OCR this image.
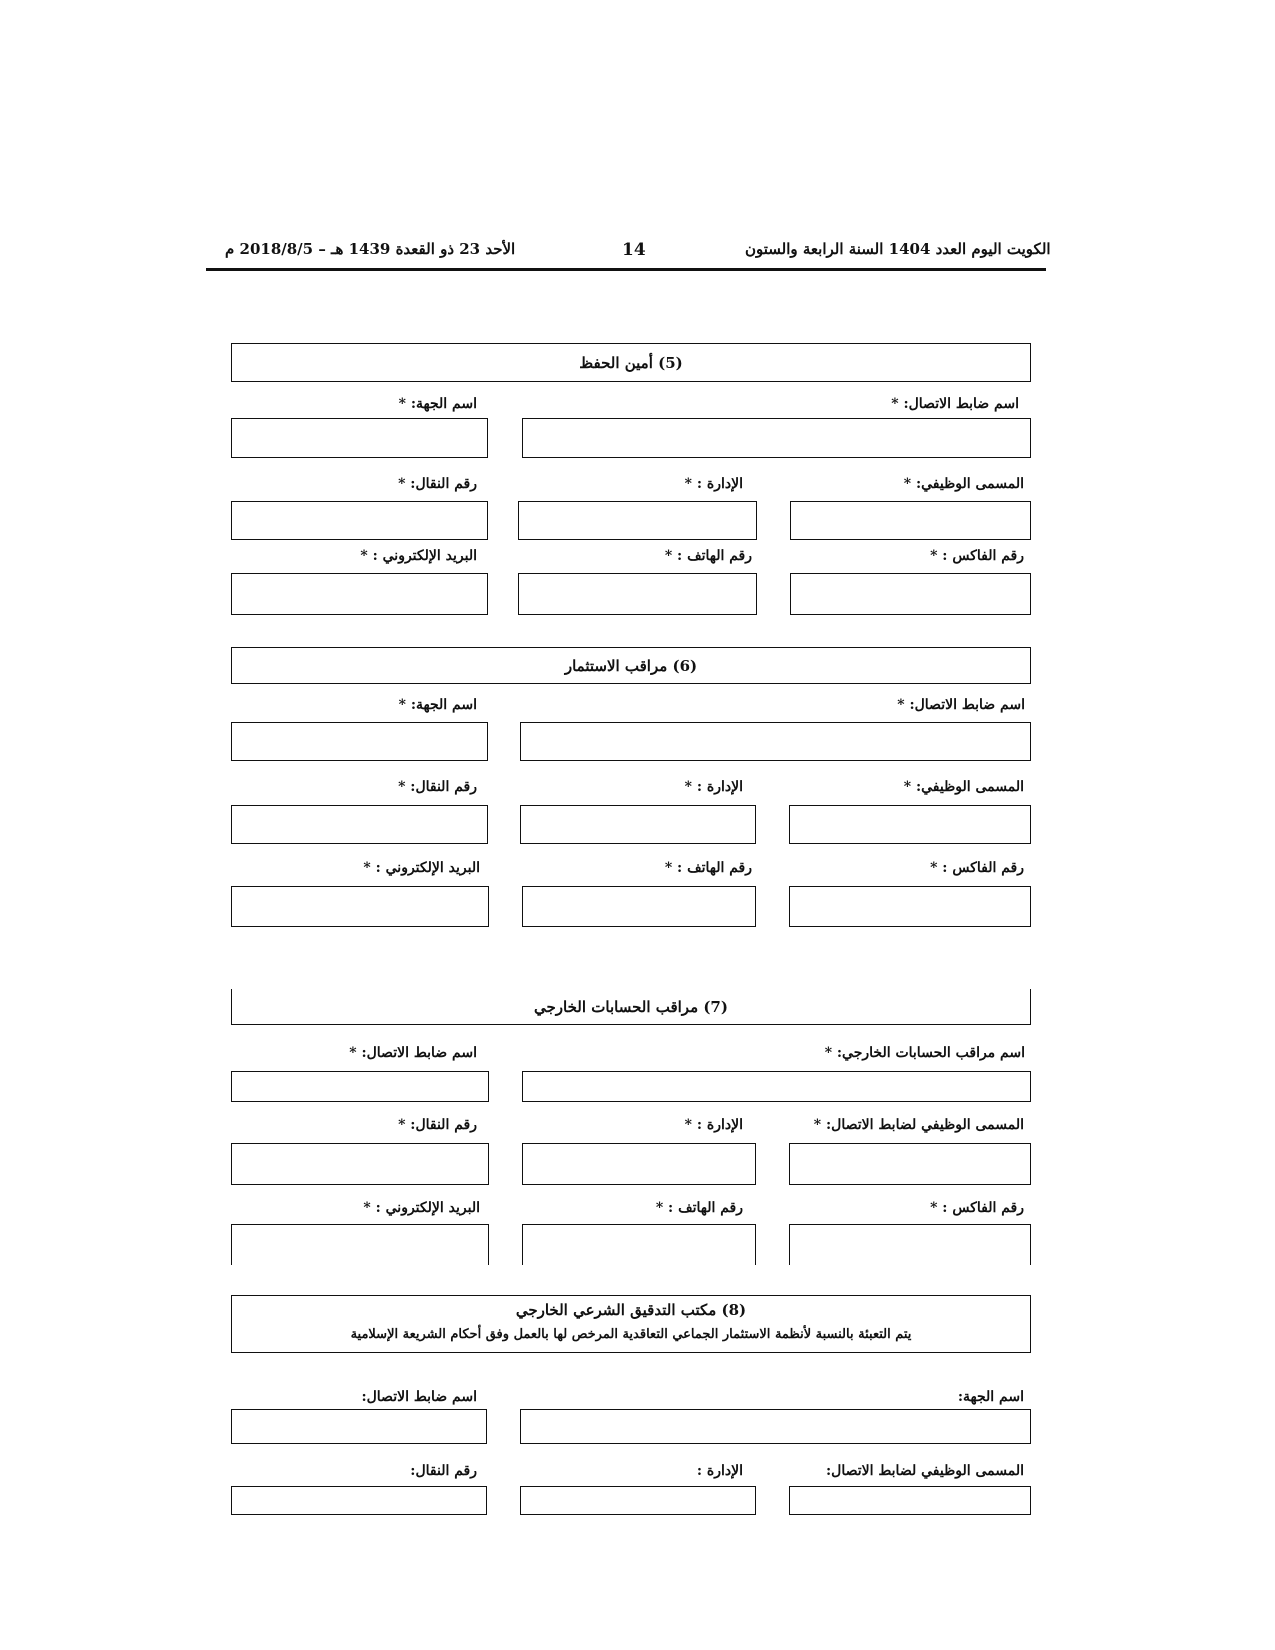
الكويت اليوم العدد 1404 السنة الرابعة والستون
14
الأحد 23 ذو القعدة 1439 هـ – 2018/8/5 م
(5) أمين الحفظ
اسم ضابط الاتصال: *
اسم الجهة: *
المسمى الوظيفي: *
الإدارة : *
رقم النقال: *
رقم الفاكس : *
رقم الهاتف : *
البريد الإلكتروني : *
(6) مراقب الاستثمار
اسم ضابط الاتصال: *
اسم الجهة: *
المسمى الوظيفي: *
الإدارة : *
رقم النقال: *
رقم الفاكس : *
رقم الهاتف : *
البريد الإلكتروني : *
(7) مراقب الحسابات الخارجي
اسم مراقب الحسابات الخارجي: *
اسم ضابط الاتصال: *
المسمى الوظيفي لضابط الاتصال: *
الإدارة : *
رقم النقال: *
رقم الفاكس : *
رقم الهاتف : *
البريد الإلكتروني : *
(8) مكتب التدقيق الشرعي الخارجي
يتم التعبئة بالنسبة لأنظمة الاستثمار الجماعي التعاقدية المرخص لها بالعمل وفق أحكام الشريعة الإسلامية
اسم الجهة:
اسم ضابط الاتصال:
المسمى الوظيفي لضابط الاتصال:
الإدارة :
رقم النقال:
